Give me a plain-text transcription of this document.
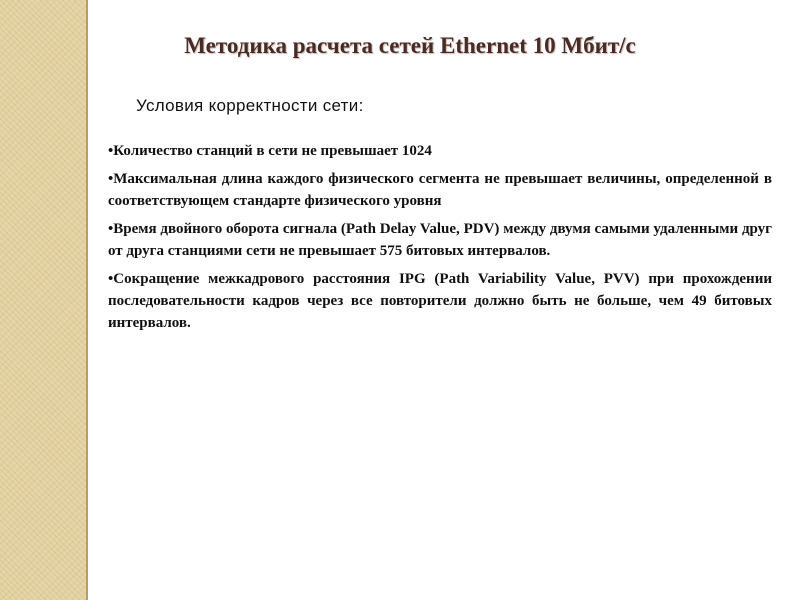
Методика расчета сетей Ethernet 10 Мбит/с
Условия корректности сети:
•Количество станций в сети не превышает 1024
•Максимальная длина каждого физического сегмента не превышает величины, определенной в соответствующем стандарте физического уровня
•Время двойного оборота сигнала (Path Delay Value, PDV) между двумя самыми удаленными друг от друга станциями сети не превышает 575 битовых интервалов.
•Сокращение межкадрового расстояния IPG (Path Variability Value, PVV) при прохождении последовательности кадров через все повторители должно быть не больше, чем 49 битовых интервалов.
